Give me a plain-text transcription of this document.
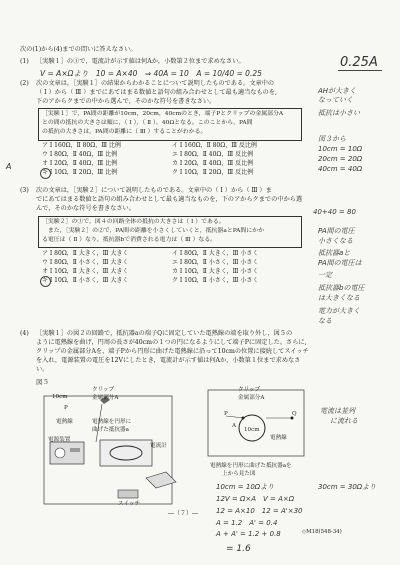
次の(1)から(4)までの問いに答えなさい。
(1) ［実験１］の①で，電流計が示す値は何Aか，小数第２位まで求めなさい。
V = A×Ωより　10 = A×40　⇒ 40A = 10　A = 10/40 = 0.25
0.25A
(2) 次の文章は，［実験１］の結果からわかることについて説明したものである。文章中の
（ Ⅰ ）から（ Ⅲ ）までにあてはまる数値と語句の組み合わせとして最も適当なものを,
下のアからクまでの中から選んで，そのかな符号を書きなさい。
［実験１］で，PA間の距離が10cm，20cm，40cmのとき，端子Pとクリップの金属部分A
との間の抵抗の大きさは順に，（ Ⅰ ），（ Ⅱ ），40Ωとなる。このことから，PA間
の抵抗の大きさは，PA間の距離に（ Ⅲ ）することがわかる。
ア Ⅰ 160Ω，Ⅱ 80Ω，Ⅲ 比例	イ Ⅰ 160Ω，Ⅱ 80Ω，Ⅲ 反比例
ウ Ⅰ 80Ω，Ⅱ 40Ω，Ⅲ 比例	エ Ⅰ 80Ω，Ⅱ 40Ω，Ⅲ 反比例
オ Ⅰ 20Ω，Ⅱ 40Ω，Ⅲ 比例	カ Ⅰ 20Ω，Ⅱ 40Ω，Ⅲ 反比例
キ Ⅰ 10Ω，Ⅱ 20Ω，Ⅲ 比例	ク Ⅰ 10Ω，Ⅱ 20Ω，Ⅲ 反比例
A
AHが大きく
なっていく
抵抗は小さい
図３から
10cm = 10Ω
20cm = 20Ω
40cm = 40Ω
(3) 次の文章は，［実験２］について説明したものである。文章中の（ Ⅰ ）から（ Ⅲ ）ま
でにあてはまる数値と語句の組み合わせとして最も適当なものを，下のアからクまでの中から選
んで，そのかな符号を書きなさい。	40+40 = 80
［実験２］の①で，図４の回路全体の抵抗の大きさは（ Ⅰ ）である。
　また，［実験２］の②で，PA間の距離を小さくしていくと，抵抗器aとPA間にかか
る電圧は（ Ⅱ ）なり，抵抗器bで消費される電力は（ Ⅲ ）なる。
ア Ⅰ 80Ω，Ⅱ 大きく，Ⅲ 大きく	イ Ⅰ 80Ω，Ⅱ 大きく，Ⅲ 小さく
ウ Ⅰ 80Ω，Ⅱ 小さく，Ⅲ 大きく	エ Ⅰ 80Ω，Ⅱ 小さく，Ⅲ 小さく
オ Ⅰ 10Ω，Ⅱ 大きく，Ⅲ 大きく	カ Ⅰ 10Ω，Ⅱ 大きく，Ⅲ 小さく
キ Ⅰ 10Ω，Ⅱ 小さく，Ⅲ 大きく	ク Ⅰ 10Ω，Ⅱ 小さく，Ⅲ 小さく
PA間の電圧
小さくなる
抵抗器aと
PA間の電圧は
一定
抵抗器bの電圧
は大きくなる
電力が大きく
なる
(4) ［実験１］の図２の回路で，抵抗器aの端子Qに固定していた電熱線の端を取り外し，図５の
ように電熱線を曲げ，円周の長さが40cmの１つの円になるようにして端子Pに固定した。さらに,
クリップの金属部分Aを，端子Pから円形に曲げた電熱線に沿って10cmの位置に接続してスイッチ
を入れ，電源装置の電圧を12Vにしたとき，電流計が示す値は何Aか，小数第１位まで求めなさ
い。
図５
10cm
クリップ
金属部分A
P
電熱線
電源装置
電熱線を円形に
曲げた抵抗器a
電流計
スイッチ
クリップ
金属部分A
P
A
10cm
Q
電熱線
電熱線を円形に曲げた抵抗器aを
上から見た図
電流は並列
に流れる
10cm = 10Ωより	30cm = 30Ωより
12V = Ω×A　V = A×Ω
12 = A×10　12 = A'×30
A = 1.2　A' = 0.4
A + A' = 1.2 + 0.8
= 1.6
―（７）―
◇M18(548-34)
